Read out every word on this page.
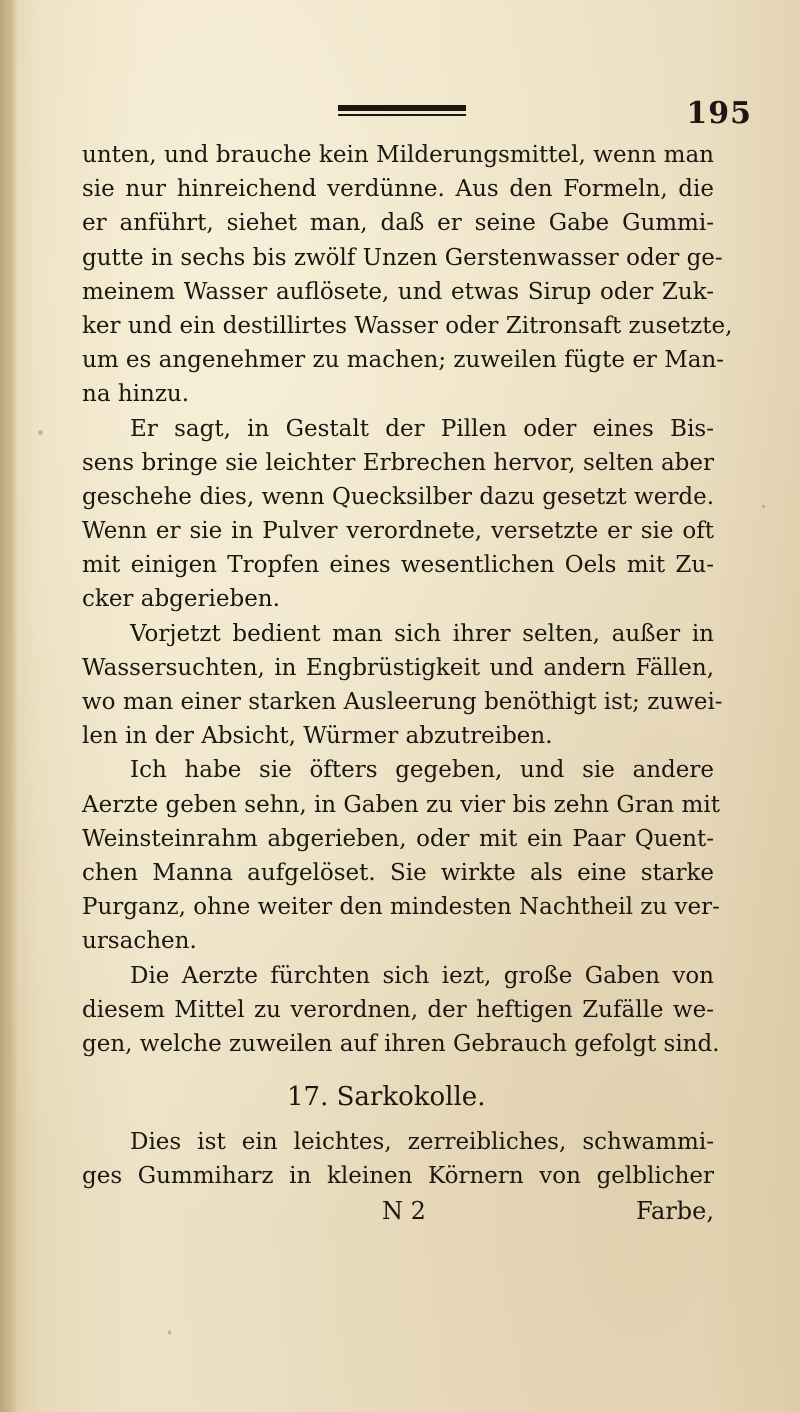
195
unten, und brauche kein Milderungsmittel, wenn man
sie nur hinreichend verdünne. Aus den Formeln, die
er anführt, siehet man, daß er seine Gabe Gummi-
gutte in sechs bis zwölf Unzen Gerstenwasser oder ge-
meinem Wasser auflösete, und etwas Sirup oder Zuk-
ker und ein destillirtes Wasser oder Zitronsaft zusetzte,
um es angenehmer zu machen; zuweilen fügte er Man-
na hinzu.
Er sagt, in Gestalt der Pillen oder eines Bis-
sens bringe sie leichter Erbrechen hervor, selten aber
geschehe dies, wenn Quecksilber dazu gesetzt werde.
Wenn er sie in Pulver verordnete, versetzte er sie oft
mit einigen Tropfen eines wesentlichen Oels mit Zu-
cker abgerieben.
Vorjetzt bedient man sich ihrer selten, außer in
Wassersuchten, in Engbrüstigkeit und andern Fällen,
wo man einer starken Ausleerung benöthigt ist; zuwei-
len in der Absicht, Würmer abzutreiben.
Ich habe sie öfters gegeben, und sie andere
Aerzte geben sehn, in Gaben zu vier bis zehn Gran mit
Weinsteinrahm abgerieben, oder mit ein Paar Quent-
chen Manna aufgelöset. Sie wirkte als eine starke
Purganz, ohne weiter den mindesten Nachtheil zu ver-
ursachen.
Die Aerzte fürchten sich iezt, große Gaben von
diesem Mittel zu verordnen, der heftigen Zufälle we-
gen, welche zuweilen auf ihren Gebrauch gefolgt sind.
17. Sarkokolle.
Dies ist ein leichtes, zerreibliches, schwammi-
ges Gummiharz in kleinen Körnern von gelblicher
N 2	Farbe,
